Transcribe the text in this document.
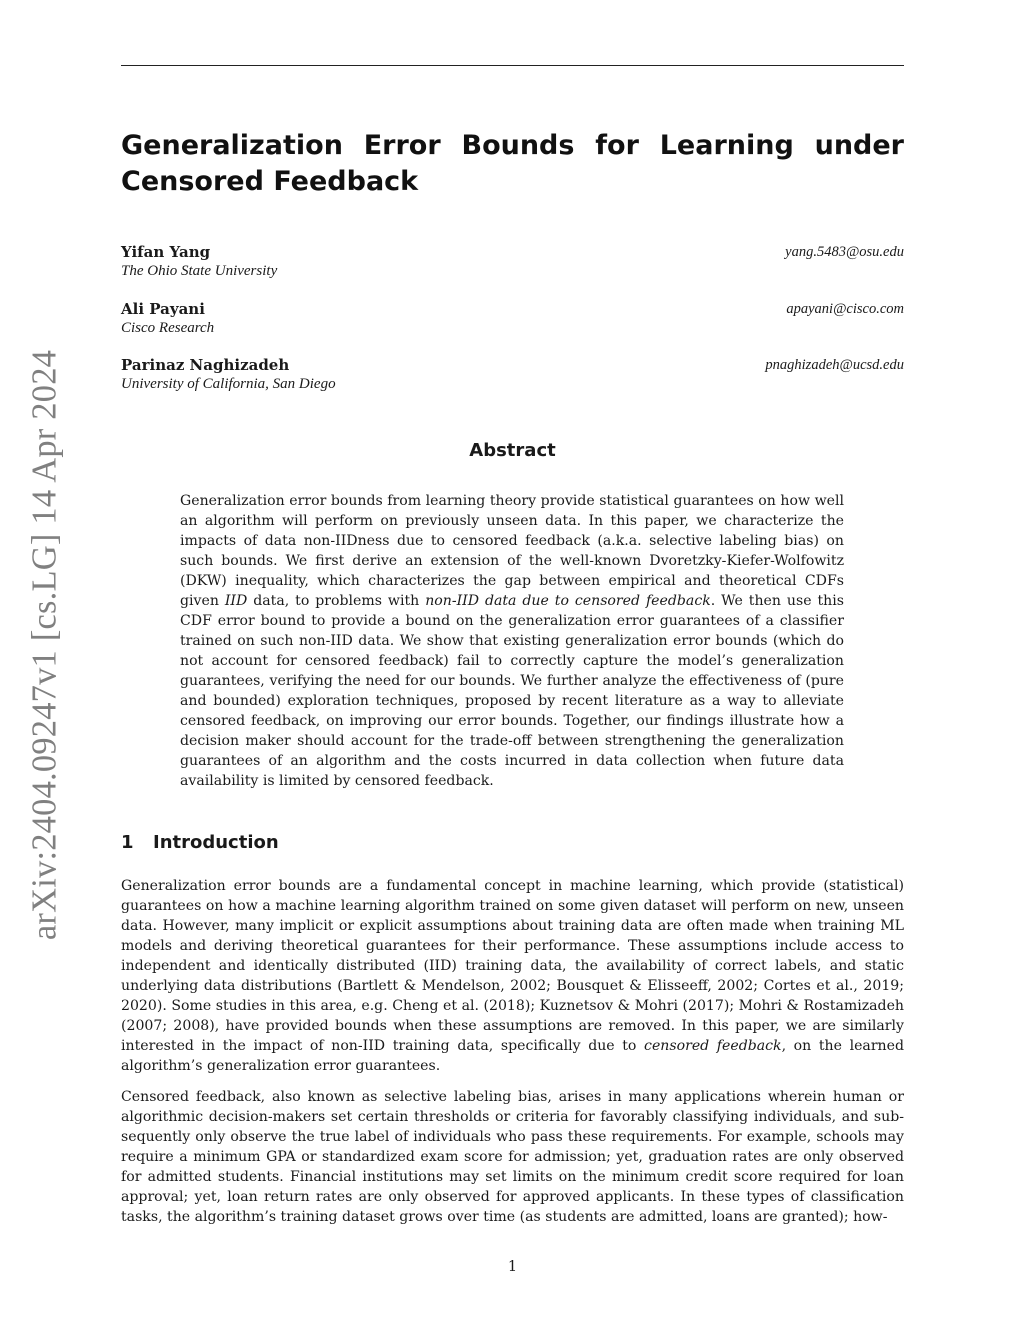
arXiv:2404.09247v1 [cs.LG] 14 Apr 2024
Generalization Error Bounds for Learning under Censored Feedback
Yifan Yang
The Ohio State University
yang.5483@osu.edu
Ali Payani
Cisco Research
apayani@cisco.com
Parinaz Naghizadeh
University of California, San Diego
pnaghizadeh@ucsd.edu
Abstract

Generalization error bounds from learning theory provide statistical guarantees on how well an algorithm will perform on previously unseen data. In this paper, we characterize the impacts of data non-IIDness due to censored feedback (a.k.a. selective labeling bias) on such bounds. We first derive an extension of the well-known Dvoretzky-Kiefer-Wolfowitz (DKW) inequality, which characterizes the gap between empirical and theoretical CDFs given IID data, to problems with non-IID data due to censored feedback. We then use this CDF error bound to provide a bound on the generalization error guarantees of a classifier trained on such non-IID data. We show that existing generalization error bounds (which do not account for censored feedback) fail to correctly capture the model’s generalization guarantees, verifying the need for our bounds. We further analyze the effectiveness of (pure and bounded) exploration techniques, proposed by recent literature as a way to alleviate censored feedback, on improving our error bounds. Together, our findings illustrate how a decision maker should account for the trade-off between strengthening the generalization guarantees of an algorithm and the costs incurred in data collection when future data availability is limited by censored feedback.

1 Introduction

Generalization error bounds are a fundamental concept in machine learning, which provide (statistical) guarantees on how a machine learning algorithm trained on some given dataset will perform on new, unseen data. However, many implicit or explicit assumptions about training data are often made when training ML models and deriving theoretical guarantees for their performance. These assumptions include access to independent and identically distributed (IID) training data, the availability of correct labels, and static underlying data distributions (Bartlett & Mendelson, 2002; Bousquet & Elisseeff, 2002; Cortes et al., 2019; 2020). Some studies in this area, e.g. Cheng et al. (2018); Kuznetsov & Mohri (2017); Mohri & Rostamizadeh (2007; 2008), have provided bounds when these assumptions are removed. In this paper, we are similarly interested in the impact of non-IID training data, specifically due to censored feedback, on the learned algorithm’s generalization error guarantees.

Censored feedback, also known as selective labeling bias, arises in many applications wherein human or algorithmic decision-makers set certain thresholds or criteria for favorably classifying individuals, and subsequently only observe the true label of individuals who pass these requirements. For example, schools may require a minimum GPA or standardized exam score for admission; yet, graduation rates are only observed for admitted students. Financial institutions may set limits on the minimum credit score required for loan approval; yet, loan return rates are only observed for approved applicants. In these types of classification tasks, the algorithm’s training dataset grows over time (as students are admitted, loans are granted); how-

1
